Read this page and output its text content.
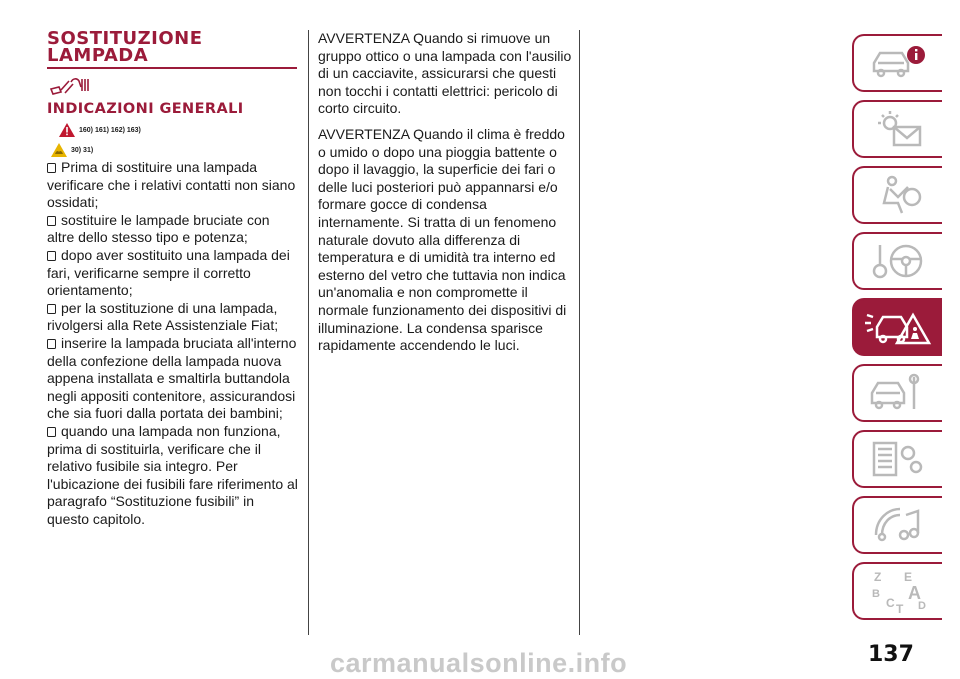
SOSTITUZIONE
LAMPADA
INDICAZIONI GENERALI
160) 161) 162) 163)
30) 31)
Prima di sostituire una lampada verificare che i relativi contatti non siano ossidati;
sostituire le lampade bruciate con altre dello stesso tipo e potenza;
dopo aver sostituito una lampada dei fari, verificarne sempre il corretto orientamento;
per la sostituzione di una lampada, rivolgersi alla Rete Assistenziale Fiat;
inserire la lampada bruciata all'interno della confezione della lampada nuova appena installata e smaltirla buttandola negli appositi contenitore, assicurandosi che sia fuori dalla portata dei bambini;
quando una lampada non funziona, prima di sostituirla, verificare che il relativo fusibile sia integro. Per l'ubicazione dei fusibili fare riferimento al paragrafo “Sostituzione fusibili” in questo capitolo.

AVVERTENZA Quando si rimuove un gruppo ottico o una lampada con l'ausilio di un cacciavite, assicurarsi che questi non tocchi i contatti elettrici: pericolo di corto circuito.

AVVERTENZA Quando il clima è freddo o umido o dopo una pioggia battente o dopo il lavaggio, la superficie dei fari o delle luci posteriori può appannarsi e/o formare gocce di condensa internamente. Si tratta di un fenomeno naturale dovuto alla differenza di temperatura e di umidità tra interno ed esterno del vetro che tuttavia non indica un'anomalia e non compromette il normale funzionamento dei dispositivi di illuminazione. La condensa sparisce rapidamente accendendo le luci.

Z E
B A
C D
T
carmanualsonline.info	137
